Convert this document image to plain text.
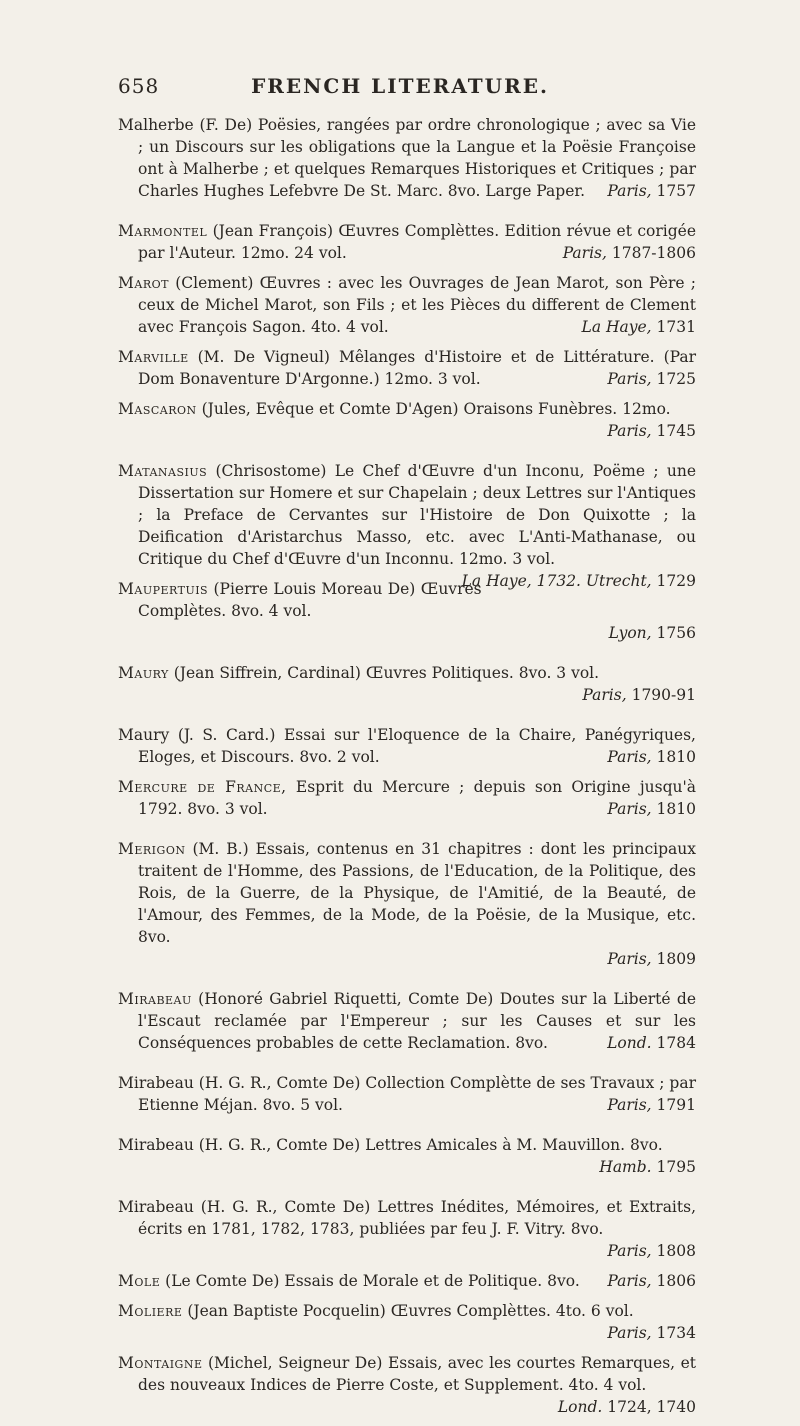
658	FRENCH LITERATURE.

Malherbe (F. De) Poësies, rangées par ordre chronologique ; avec sa Vie ; un Discours sur les obligations que la Langue et la Poësie Françoise ont à Malherbe ; et quelques Remarques Historiques et Critiques ; par Charles Hughes Lefebvre De St. Marc. 8vo. Large Paper. Paris, 1757

Marmontel (Jean François) Œuvres Complèttes. Edition révue et corigée par l'Auteur. 12mo. 24 vol.	Paris, 1787-1806

Marot (Clement) Œuvres : avec les Ouvrages de Jean Marot, son Père ; ceux de Michel Marot, son Fils ; et les Pièces du different de Clement avec François Sagon. 4to. 4 vol.	La Haye, 1731

Marville (M. De Vigneul) Mêlanges d'Histoire et de Littérature. (Par Dom Bonaventure D'Argonne.) 12mo. 3 vol.	Paris, 1725

Mascaron (Jules, Evêque et Comte D'Agen) Oraisons Funèbres. 12mo.
Paris, 1745

Matanasius (Chrisostome) Le Chef d'Œuvre d'un Inconu, Poëme ; une Dissertation sur Homere et sur Chapelain ; deux Lettres sur l'Antiques ; la Preface de Cervantes sur l'Histoire de Don Quixotte ; la Deification d'Aristarchus Masso, etc. avec L'Anti-Mathanase, ou Critique du Chef d'Œuvre d'un Inconnu. 12mo. 3 vol.
La Haye, 1732. Utrecht, 1729

Maupertuis (Pierre Louis Moreau De) Œuvres Complètes. 8vo. 4 vol.
Lyon, 1756

Maury (Jean Siffrein, Cardinal) Œuvres Politiques. 8vo. 3 vol.
Paris, 1790-91

Maury (J. S. Card.) Essai sur l'Eloquence de la Chaire, Panégyriques, Eloges, et Discours. 8vo. 2 vol.	Paris, 1810

Mercure de France, Esprit du Mercure ; depuis son Origine jusqu'à 1792. 8vo. 3 vol.	Paris, 1810

Merigon (M. B.) Essais, contenus en 31 chapitres : dont les principaux traitent de l'Homme, des Passions, de l'Education, de la Politique, des Rois, de la Guerre, de la Physique, de l'Amitié, de la Beauté, de l'Amour, des Femmes, de la Mode, de la Poësie, de la Musique, etc. 8vo.
Paris, 1809

Mirabeau (Honoré Gabriel Riquetti, Comte De) Doutes sur la Liberté de l'Escaut reclamée par l'Empereur ; sur les Causes et sur les Conséquences probables de cette Reclamation. 8vo.	Lond. 1784

Mirabeau (H. G. R., Comte De) Collection Complètte de ses Travaux ; par Etienne Méjan. 8vo. 5 vol.	Paris, 1791

Mirabeau (H. G. R., Comte De) Lettres Amicales à M. Mauvillon. 8vo.
Hamb. 1795

Mirabeau (H. G. R., Comte De) Lettres Inédites, Mémoires, et Extraits, écrits en 1781, 1782, 1783, publiées par feu J. F. Vitry. 8vo.
Paris, 1808

Mole (Le Comte De) Essais de Morale et de Politique. 8vo. Paris, 1806

Moliere (Jean Baptiste Pocquelin) Œuvres Complèttes. 4to. 6 vol.
Paris, 1734

Montaigne (Michel, Seigneur De) Essais, avec les courtes Remarques, et des nouveaux Indices de Pierre Coste, et Supplement. 4to. 4 vol.
Lond. 1724, 1740
